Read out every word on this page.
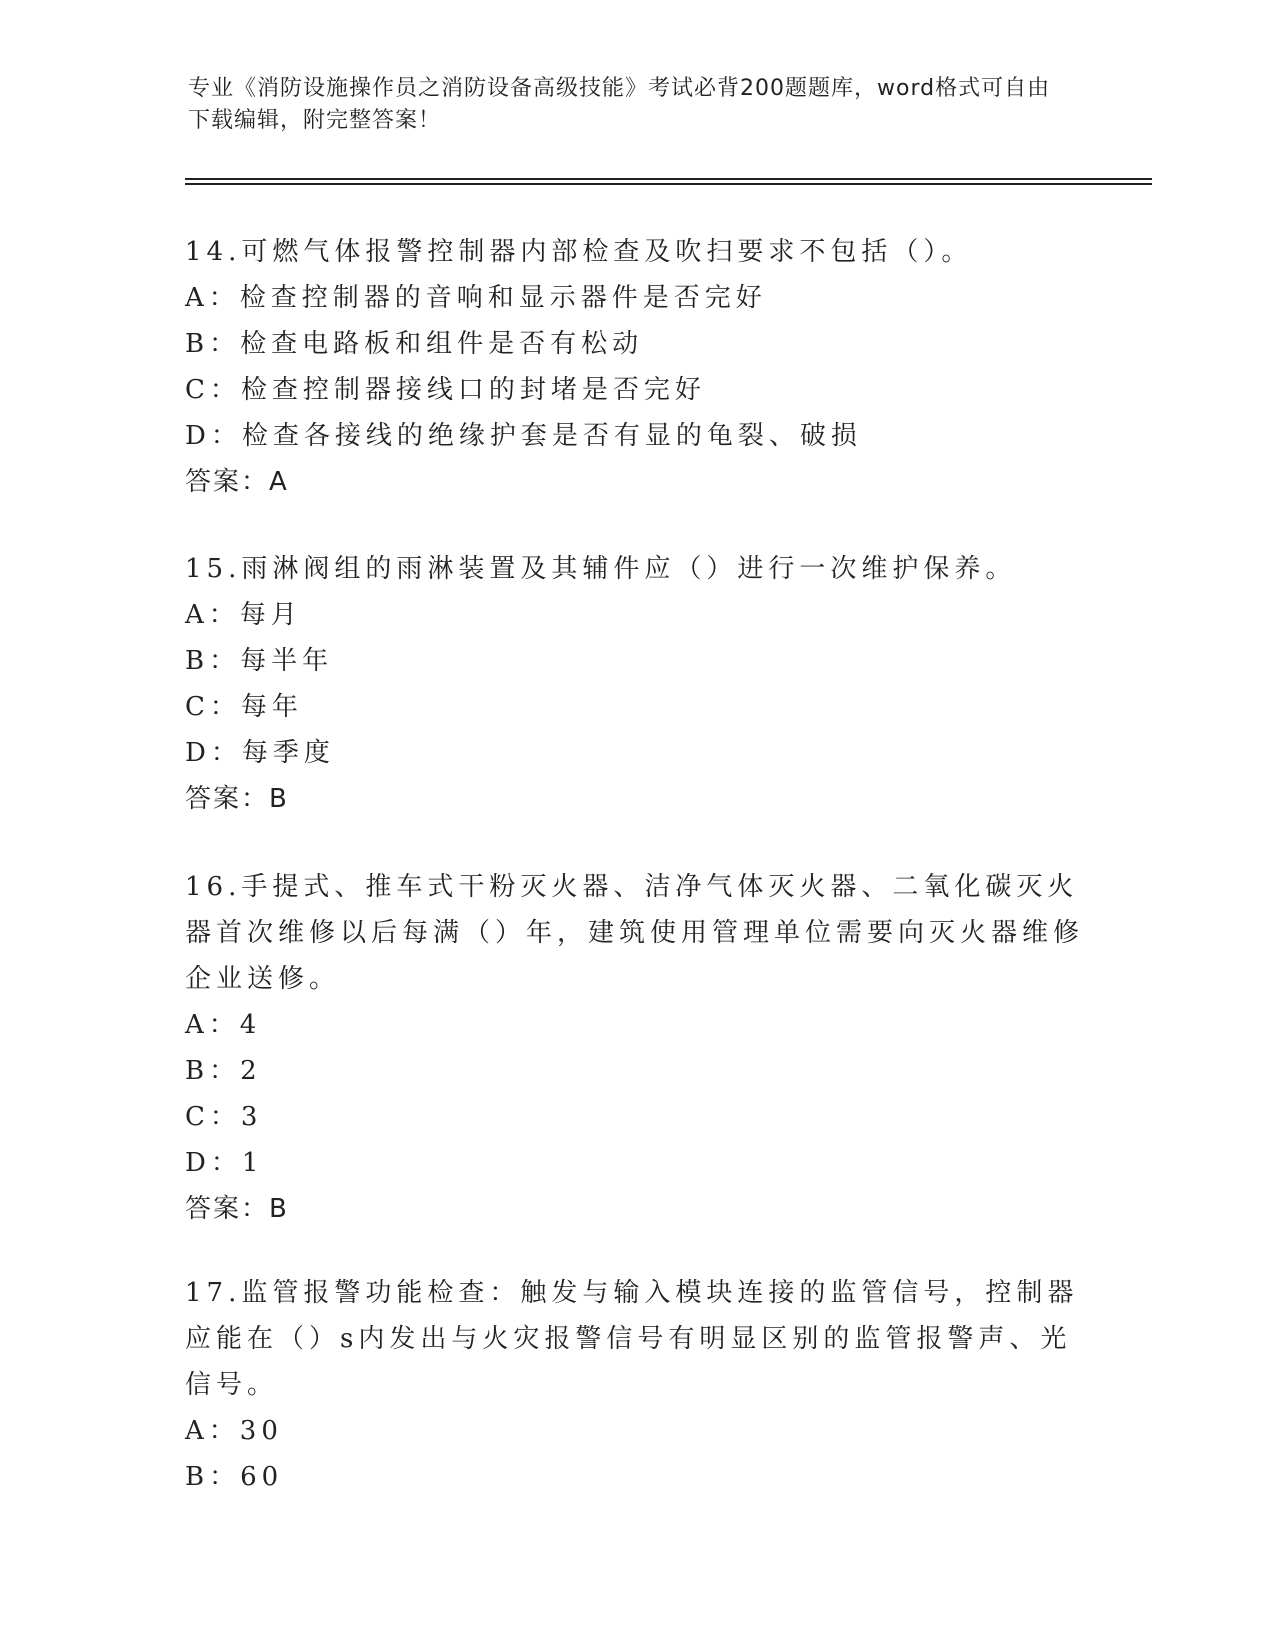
专业《消防设施操作员之消防设备高级技能》考试必背200题题库，word格式可自由下载编辑，附完整答案！

14.可燃气体报警控制器内部检查及吹扫要求不包括（）。

A：检查控制器的音响和显示器件是否完好

B：检查电路板和组件是否有松动

C：检查控制器接线口的封堵是否完好

D：检查各接线的绝缘护套是否有显的龟裂、破损

答案：A

15.雨淋阀组的雨淋装置及其辅件应（）进行一次维护保养。

A：每月

B：每半年

C：每年

D：每季度

答案：B

16.手提式、推车式干粉灭火器、洁净气体灭火器、二氧化碳灭火器首次维修以后每满（）年，建筑使用管理单位需要向灭火器维修企业送修。

A：4

B：2

C：3

D：1

答案：B

17.监管报警功能检查：触发与输入模块连接的监管信号，控制器应能在（）s内发出与火灾报警信号有明显区别的监管报警声、光信号。

A：30

B：60
